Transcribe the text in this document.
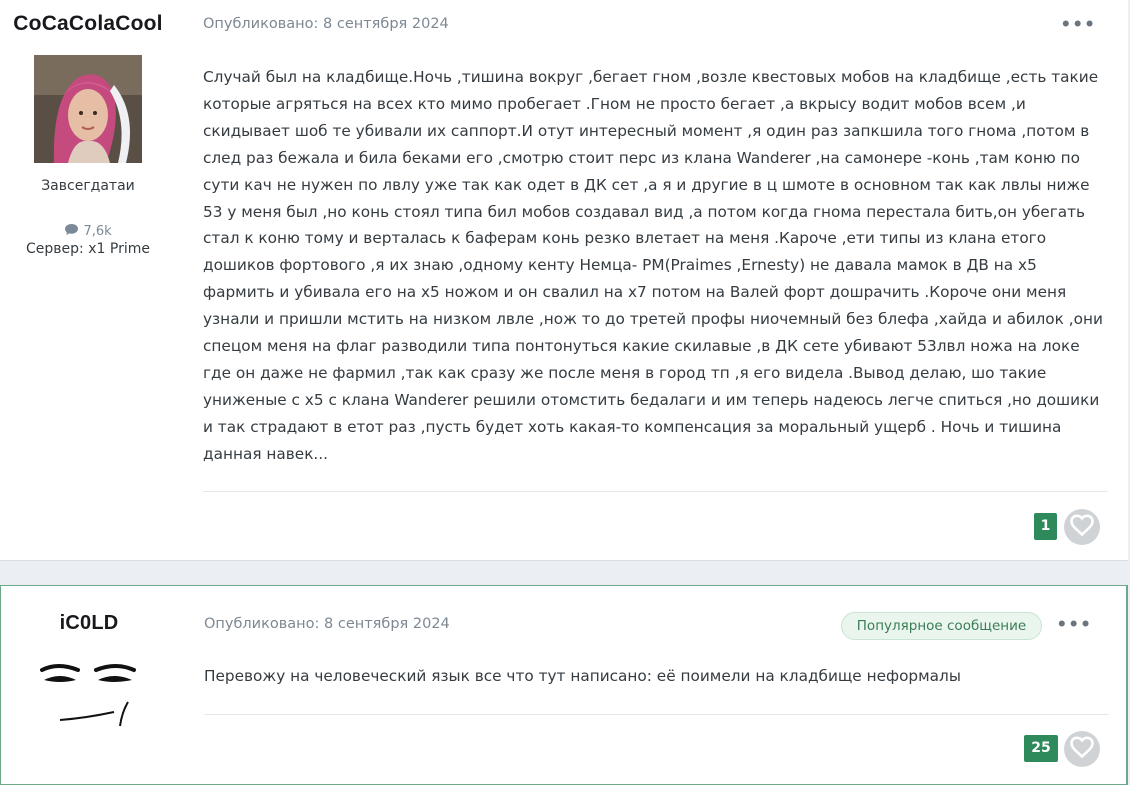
CoCaColaCool
Завсегдатаи
7,6k
Сервер: x1 Prime
Опубликовано: 8 сентября 2024	•••
Случай был на кладбище.Ночь ,тишина вокруг ,бегает гном ,возле квестовых мобов на кладбище ,есть такие которые агряться на всех кто мимо пробегает .Гном не просто бегает ,а вкрысу водит мобов всем ,и скидывает шоб те убивали их саппорт.И отут интересный момент ,я один раз запкшила того гнома ,потом в след раз бежала и била беками его ,смотрю стоит перс из клана Wanderer ,на самонере -конь ,там коню по сути кач не нужен по лвлу уже так как одет в ДК сет ,а я и другие в ц шмоте в основном так как лвлы ниже 53 у меня был ,но конь стоял типа бил мобов создавал вид ,а потом когда гнома перестала бить,он убегать стал к коню тому и верталась к баферам конь резко влетает на меня .Кароче ,ети типы из клана етого дошиков фортового ,я их знаю ,одному кенту Немца- PM(Praimes ,Ernesty) не давала мамок в ДВ на x5 фармить и убивала его на x5 ножом и он свалил на x7 потом на Валей форт дошрачить .Короче они меня узнали и пришли мстить на низком лвле ,нож то до третей профы ниочемный без блефа ,хайда и абилок ,они спецом меня на флаг разводили типа понтонуться какие скилавые ,в ДК сете убивают 53лвл ножа на локе где он даже не фармил ,так как сразу же после меня в город тп ,я его видела .Вывод делаю, шо такие униженые с x5 с клана Wanderer решили отомстить бедалаги и им теперь надеюсь легче спиться ,но дошики и так страдают в етот раз ,пусть будет хоть какая-то компенсация за моральный ущерб . Ночь и тишина данная навек...
1
iC0LD	Опубликовано: 8 сентября 2024	Популярное сообщение	•••
Перевожу на человеческий язык все что тут написано: её поимели на кладбище неформалы
25
